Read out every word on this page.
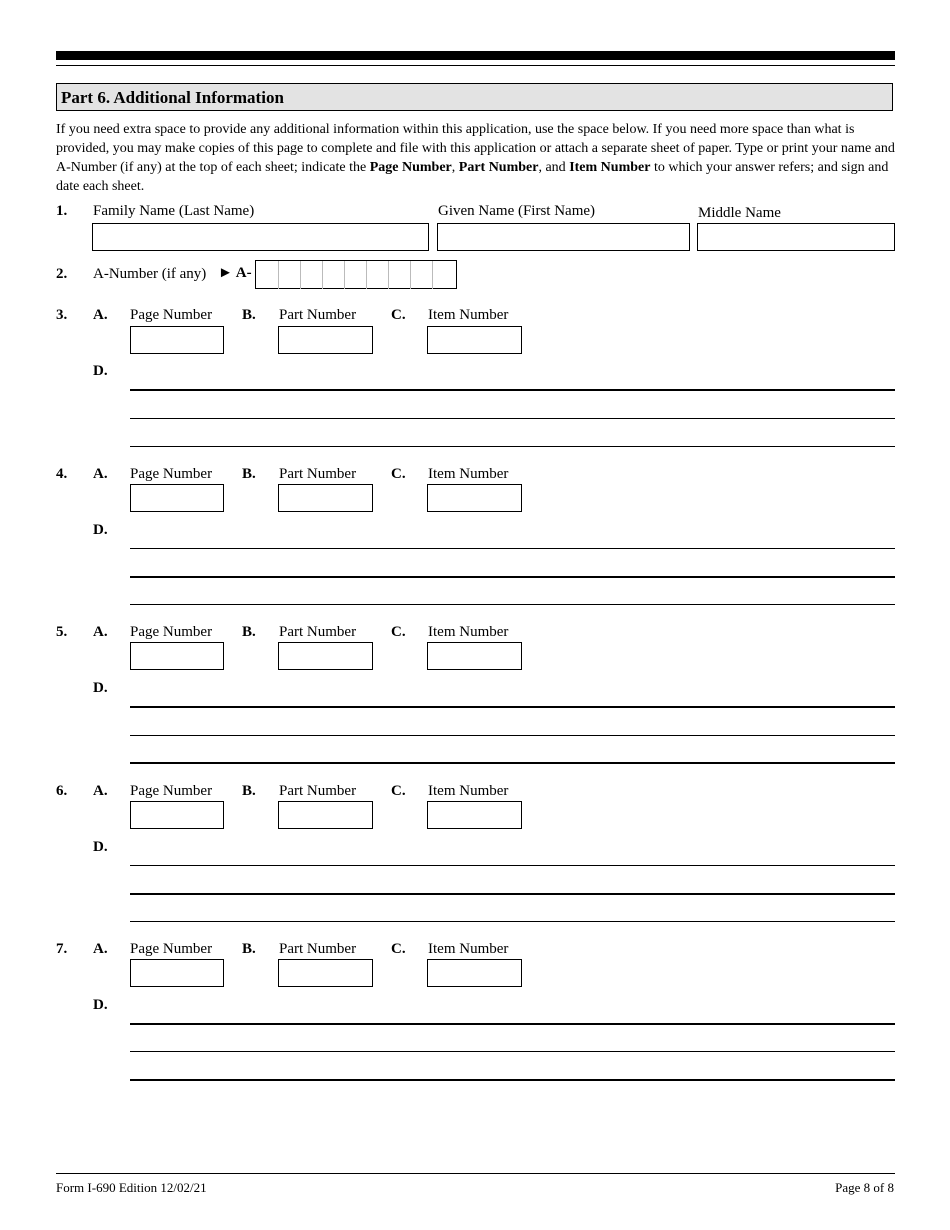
Part 6. Additional Information
If you need extra space to provide any additional information within this application, use the space below. If you need more space than what is provided, you may make copies of this page to complete and file with this application or attach a separate sheet of paper. Type or print your name and A-Number (if any) at the top of each sheet; indicate the Page Number, Part Number, and Item Number to which your answer refers; and sign and date each sheet.
1. Family Name (Last Name)	Given Name (First Name)	Middle Name
2. A-Number (if any) ► A-
3. A. Page Number B. Part Number C. Item Number
D.
4. A. Page Number B. Part Number C. Item Number
D.
5. A. Page Number B. Part Number C. Item Number
D.
6. A. Page Number B. Part Number C. Item Number
D.
7. A. Page Number B. Part Number C. Item Number
D.
Form I-690 Edition 12/02/21	Page 8 of 8
